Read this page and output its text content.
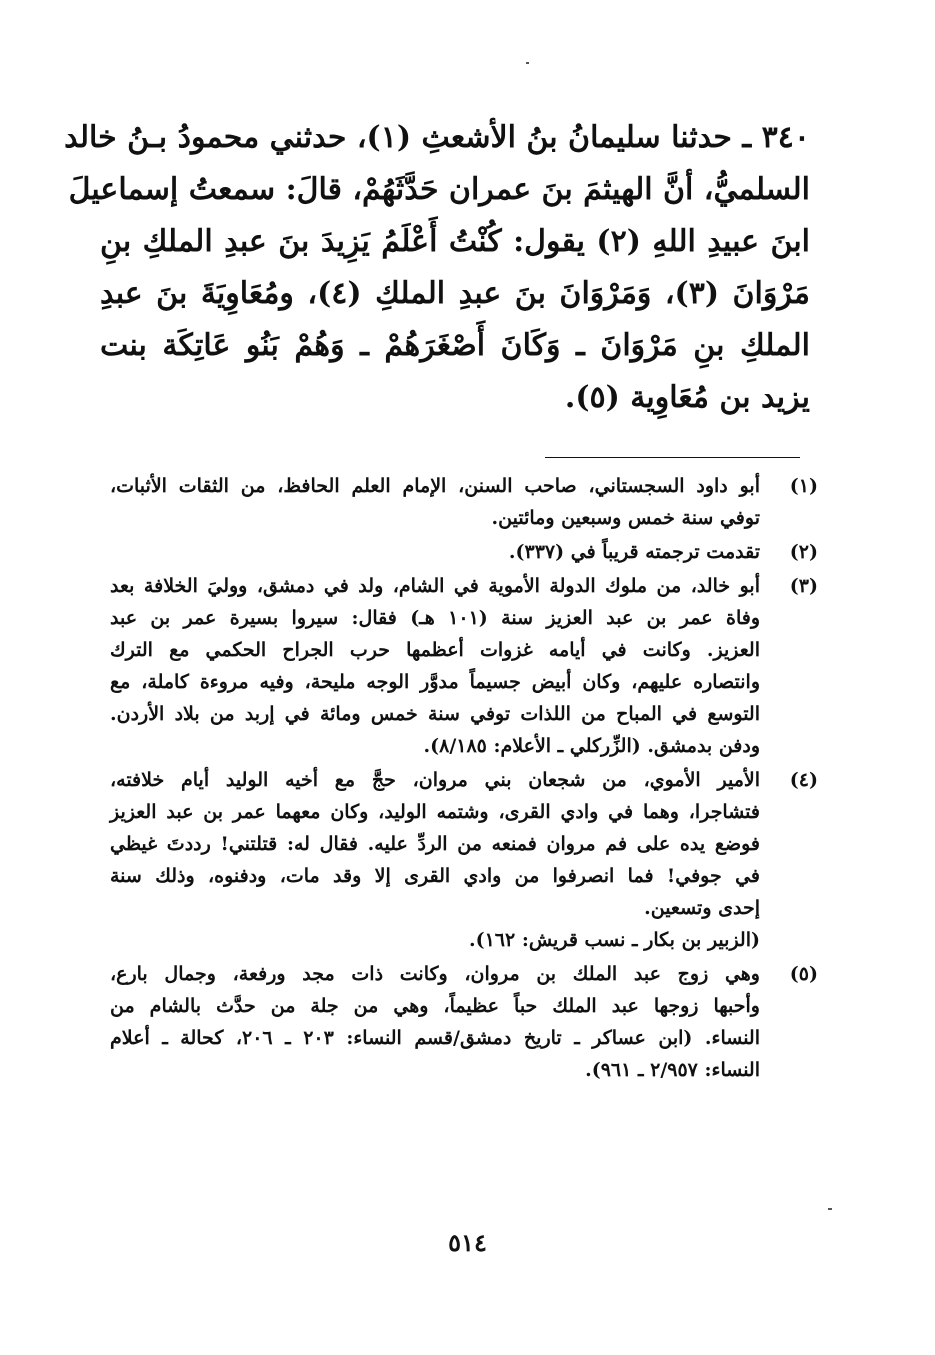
٣٤٠ ـ حدثنا سليمانُ بنُ الأشعثِ (١)، حدثني محمودُ بـنُ خالد
السلميُّ، أنَّ الهيثمَ بنَ عمران حَدَّثَهُمْ، قالَ: سمعتُ إسماعيلَ
ابنَ عبيدِ اللهِ (٢) يقول: كُنْتُ أَعْلَمُ يَزِيدَ بنَ عبدِ الملكِ بنِ
مَرْوَانَ (٣)، وَمَرْوَانَ بنَ عبدِ الملكِ (٤)، ومُعَاوِيَةَ بنَ عبدِ
الملكِ بنِ مَرْوَانَ ـ وَكَانَ أَصْغَرَهُمْ ـ وَهُمْ بَنُو عَاتِكَة بنت
يزيد بن مُعَاوِية (٥).
(١)
أبو داود السجستاني، صاحب السنن، الإمام العلم الحافظ، من الثقات الأثبات،
توفي سنة خمس وسبعين ومائتين.
(٢)
تقدمت ترجمته قريباً في (٣٣٧).
(٣)
أبو خالد، من ملوك الدولة الأموية في الشام، ولد في دمشق، ووليَ الخلافة بعد
وفاة عمر بن عبد العزيز سنة (١٠١ هـ) فقال: سيروا بسيرة عمر بن عبد
العزيز. وكانت في أيامه غزوات أعظمها حرب الجراح الحكمي مع الترك
وانتصاره عليهم، وكان أبيض جسيماً مدوَّر الوجه مليحة، وفيه مروءة كاملة، مع
التوسع في المباح من اللذات توفي سنة خمس ومائة في إربد من بلاد الأردن.
ودفن بدمشق. (الزِّركلي ـ الأعلام: ٨/١٨٥).
(٤)
الأمير الأموي، من شجعان بني مروان، حجَّ مع أخيه الوليد أيام خلافته،
فتشاجرا، وهما في وادي القرى، وشتمه الوليد، وكان معهما عمر بن عبد العزيز
فوضع يده على فم مروان فمنعه من الردِّ عليه. فقال له: قتلتني! رددتَ غيظي
في جوفي! فما انصرفوا من وادي القرى إلا وقد مات، ودفنوه، وذلك سنة
إحدى وتسعين.
(الزبير بن بكار ـ نسب قريش: ١٦٢).
(٥)
وهي زوج عبد الملك بن مروان، وكانت ذات مجد ورفعة، وجمال بارع،
وأحبها زوجها عبد الملك حباً عظيماً، وهي من جلة من حدَّث بالشام من
النساء. (ابن عساكر ـ تاريخ دمشق/قسم النساء: ٢٠٣ ـ ٢٠٦، كحالة ـ أعلام
النساء: ٢/٩٥٧ ـ ٩٦١).
٥١٤
